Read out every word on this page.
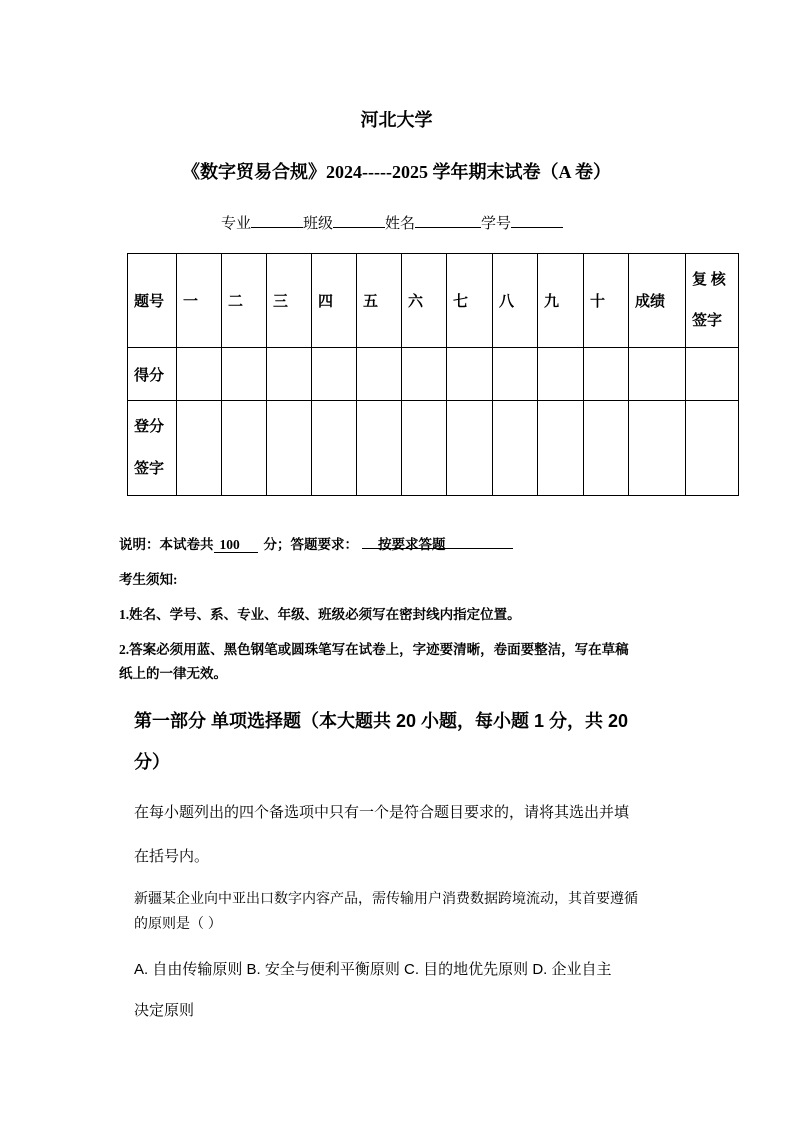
河北大学
《数字贸易合规》2024-----2025 学年期末试卷（A 卷）
专业	班级	姓名	学号
题号	一	二	三	四	五	六	七	八	九	十	成绩	复 核
签字

得分												

登分
签字												

说明：本试卷共 100 分；答题要求： 按要求答题
考生须知:
1.姓名、学号、系、专业、年级、班级必须写在密封线内指定位置。
2.答案必须用蓝、黑色钢笔或圆珠笔写在试卷上，字迹要清晰，卷面要整洁，写在草稿
纸上的一律无效。
第一部分 单项选择题（本大题共 20 小题，每小题 1 分，共 20
分）
在每小题列出的四个备选项中只有一个是符合题目要求的，请将其选出并填
在括号内。
新疆某企业向中亚出口数字内容产品，需传输用户消费数据跨境流动，其首要遵循
的原则是（ ）
A. 自由传输原则 B. 安全与便利平衡原则 C. 目的地优先原则 D. 企业自主
决定原则
